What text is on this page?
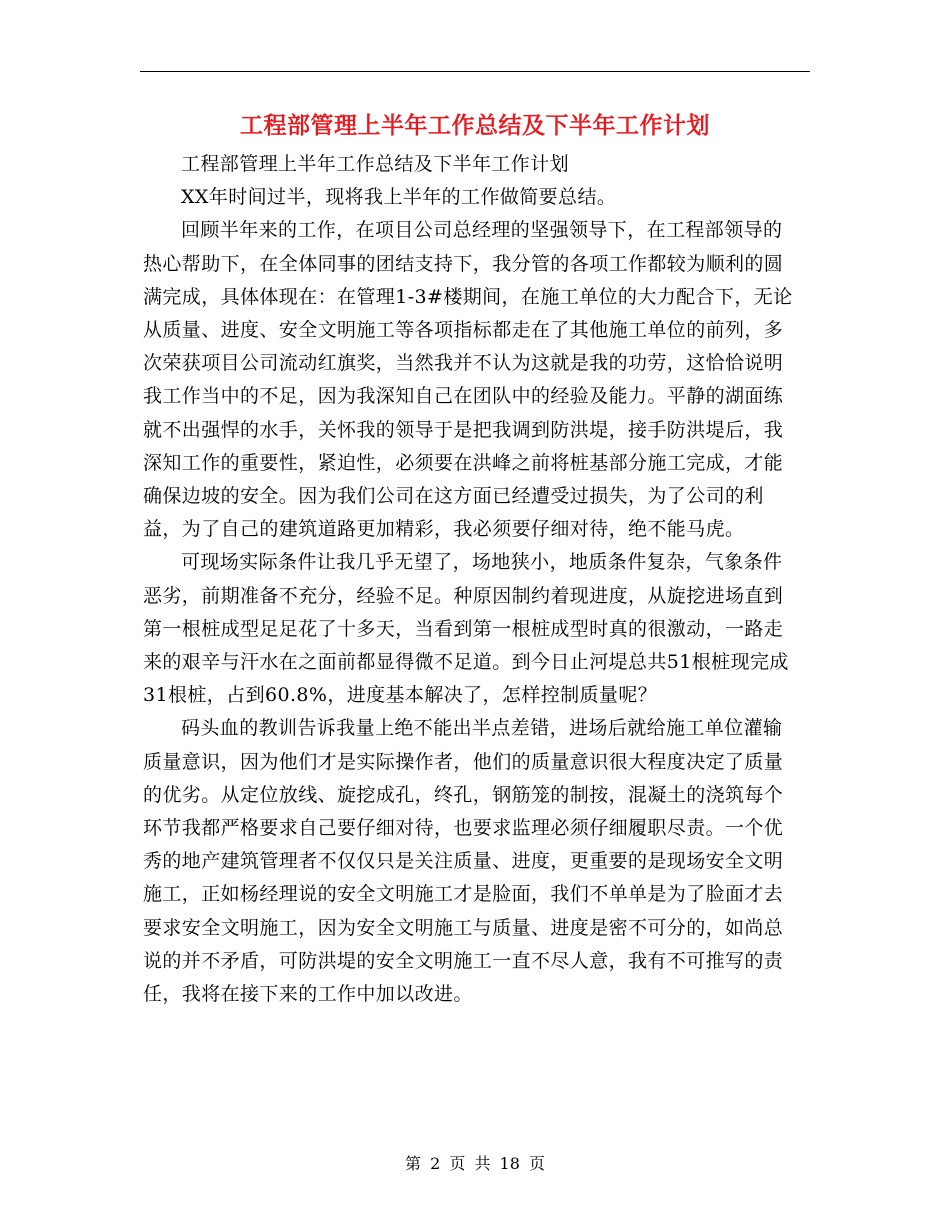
工程部管理上半年工作总结及下半年工作计划

工程部管理上半年工作总结及下半年工作计划

XX年时间过半，现将我上半年的工作做简要总结。

回顾半年来的工作，在项目公司总经理的坚强领导下，在工程部领导的热心帮助下，在全体同事的团结支持下，我分管的各项工作都较为顺利的圆满完成，具体体现在：在管理1-3#楼期间，在施工单位的大力配合下，无论从质量、进度、安全文明施工等各项指标都走在了其他施工单位的前列，多次荣获项目公司流动红旗奖，当然我并不认为这就是我的功劳，这恰恰说明我工作当中的不足，因为我深知自己在团队中的经验及能力。平静的湖面练就不出强悍的水手，关怀我的领导于是把我调到防洪堤，接手防洪堤后，我深知工作的重要性，紧迫性，必须要在洪峰之前将桩基部分施工完成，才能确保边坡的安全。因为我们公司在这方面已经遭受过损失，为了公司的利益，为了自己的建筑道路更加精彩，我必须要仔细对待，绝不能马虎。

可现场实际条件让我几乎无望了，场地狭小，地质条件复杂，气象条件恶劣，前期准备不充分，经验不足。种原因制约着现进度，从旋挖进场直到第一根桩成型足足花了十多天，当看到第一根桩成型时真的很激动，一路走来的艰辛与汗水在之面前都显得微不足道。到今日止河堤总共51根桩现完成31根桩，占到60.8%，进度基本解决了，怎样控制质量呢？

码头血的教训告诉我量上绝不能出半点差错，进场后就给施工单位灌输质量意识，因为他们才是实际操作者，他们的质量意识很大程度决定了质量的优劣。从定位放线、旋挖成孔，终孔，钢筋笼的制按，混凝土的浇筑每个环节我都严格要求自己要仔细对待，也要求监理必须仔细履职尽责。一个优秀的地产建筑管理者不仅仅只是关注质量、进度，更重要的是现场安全文明施工，正如杨经理说的安全文明施工才是脸面，我们不单单是为了脸面才去要求安全文明施工，因为安全文明施工与质量、进度是密不可分的，如尚总说的并不矛盾，可防洪堤的安全文明施工一直不尽人意，我有不可推写的责任，我将在接下来的工作中加以改进。

第 2 页 共 18 页
